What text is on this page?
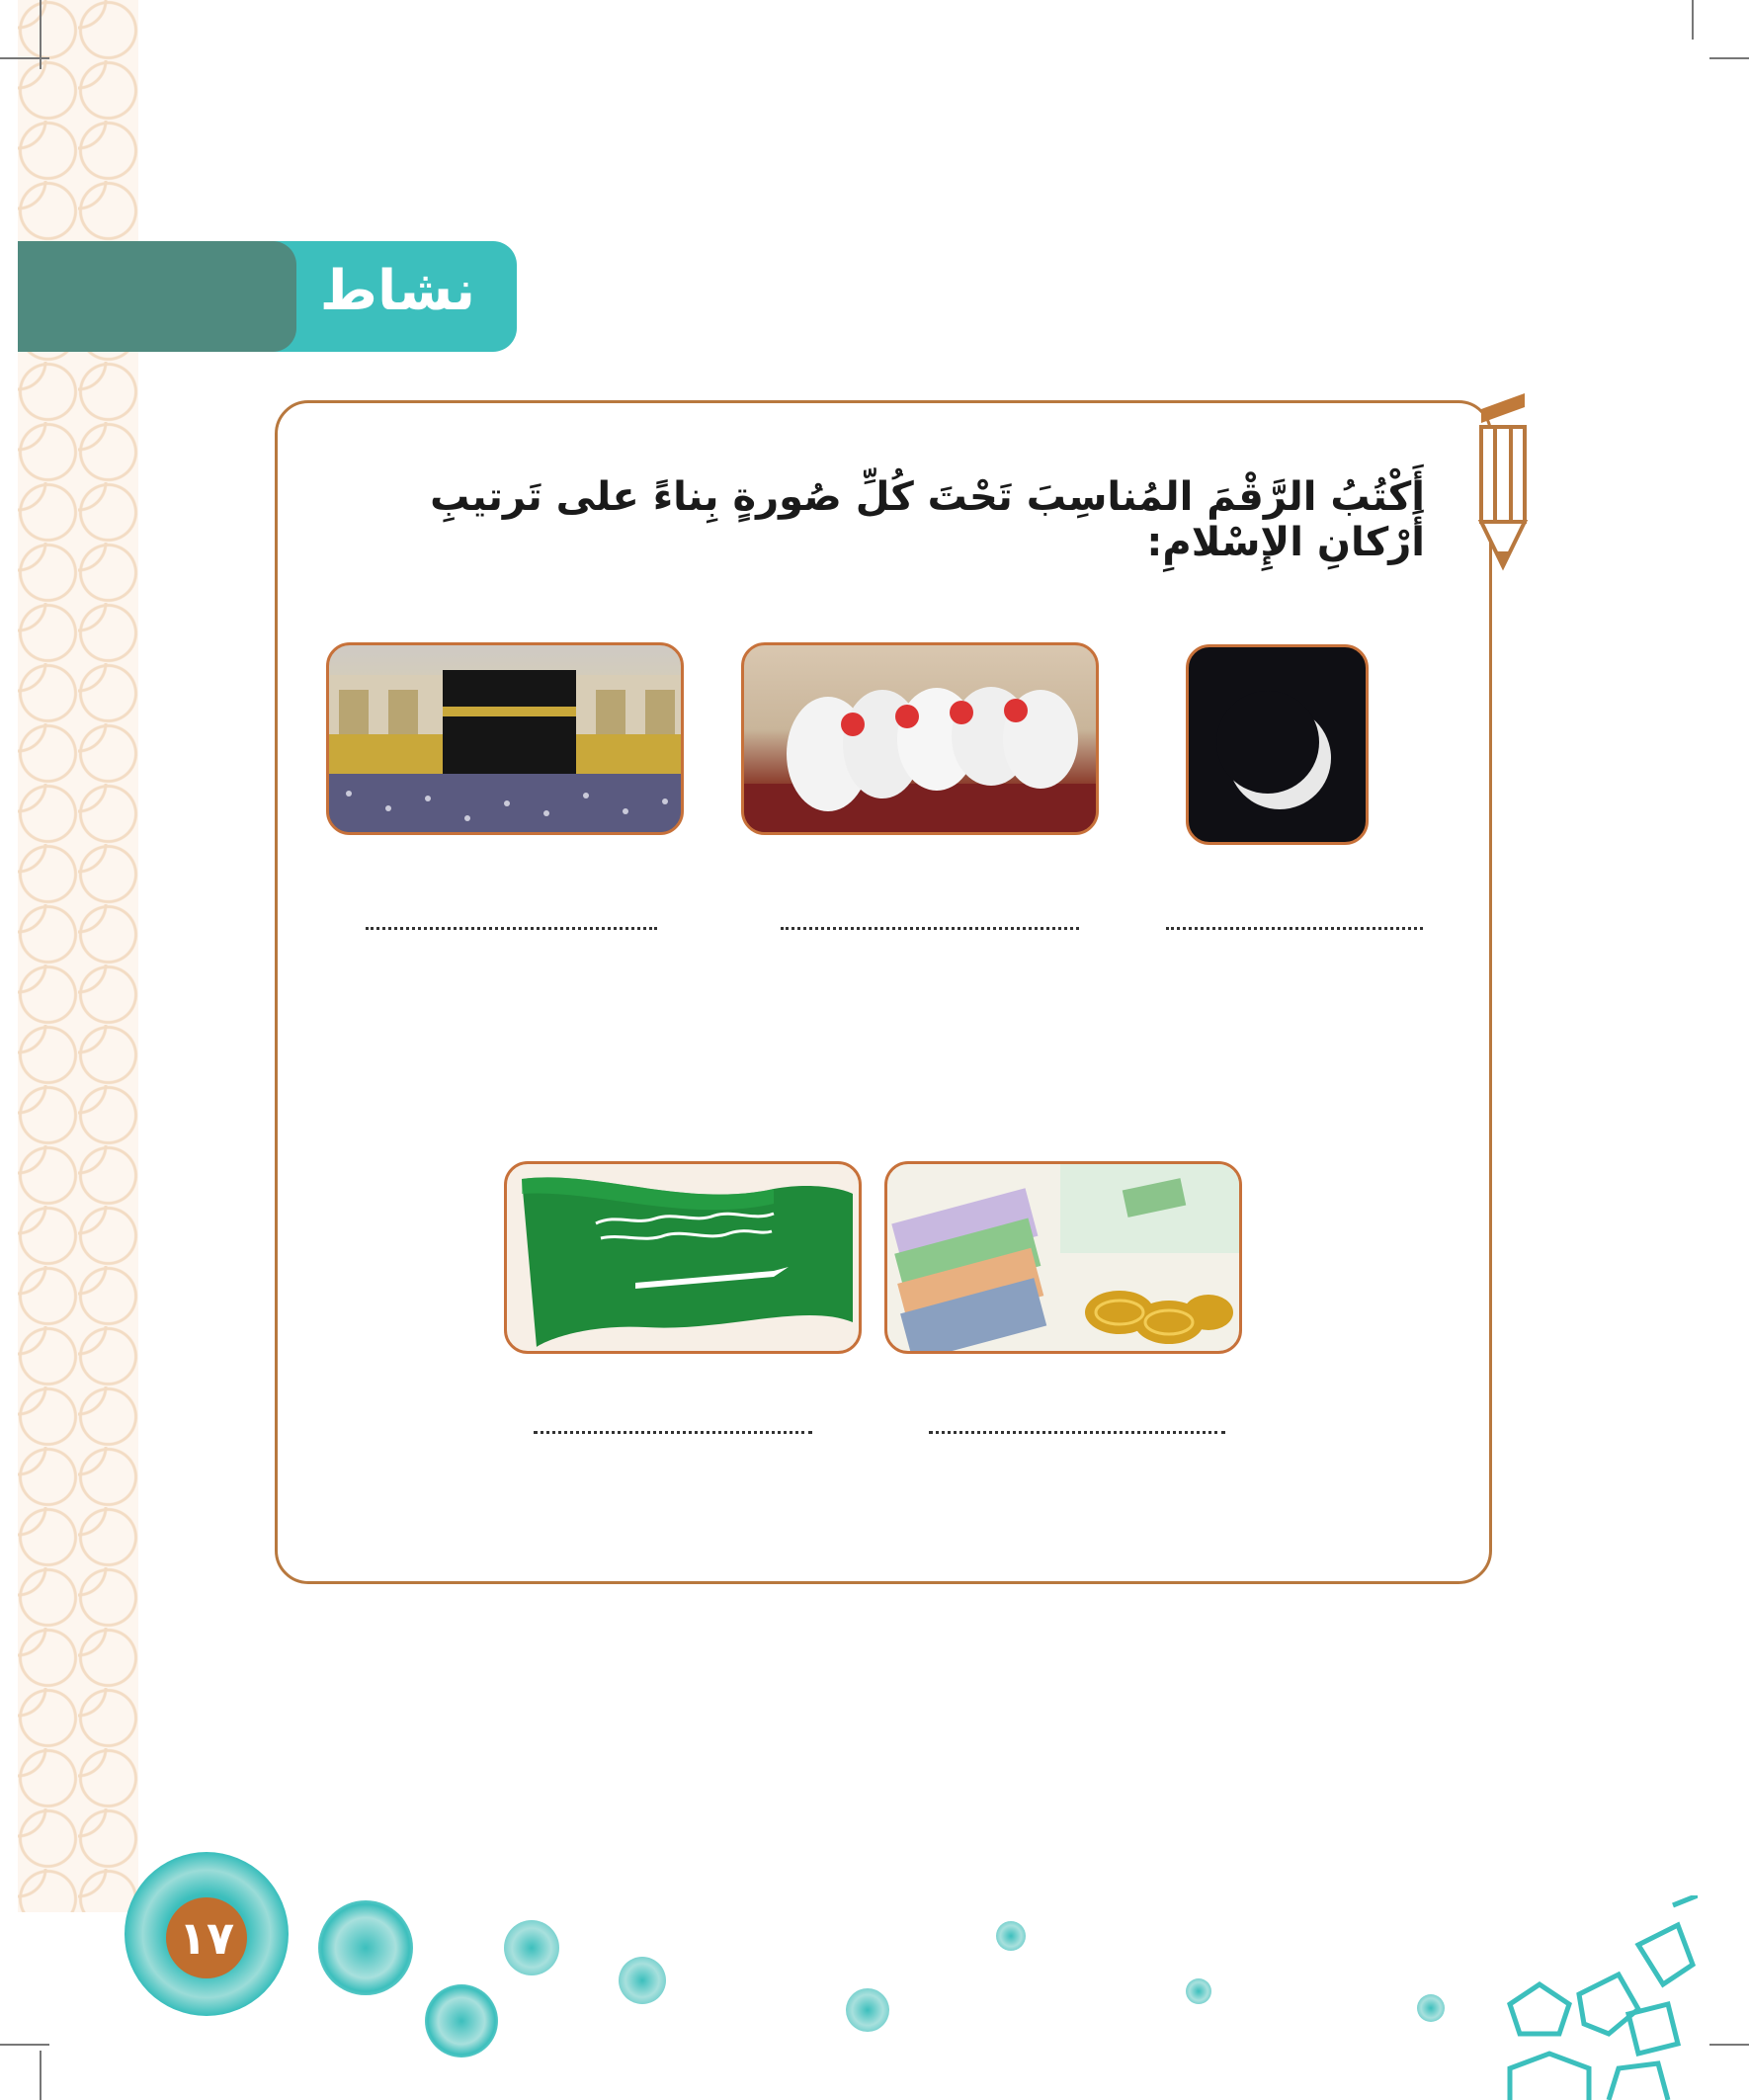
نشاط
أَكْتُبُ الرَّقْمَ المُناسِبَ تَحْتَ كُلِّ صُورةٍ بِناءً على تَرتيبِ أَرْكانِ الإِسْلامِ:
١٧
